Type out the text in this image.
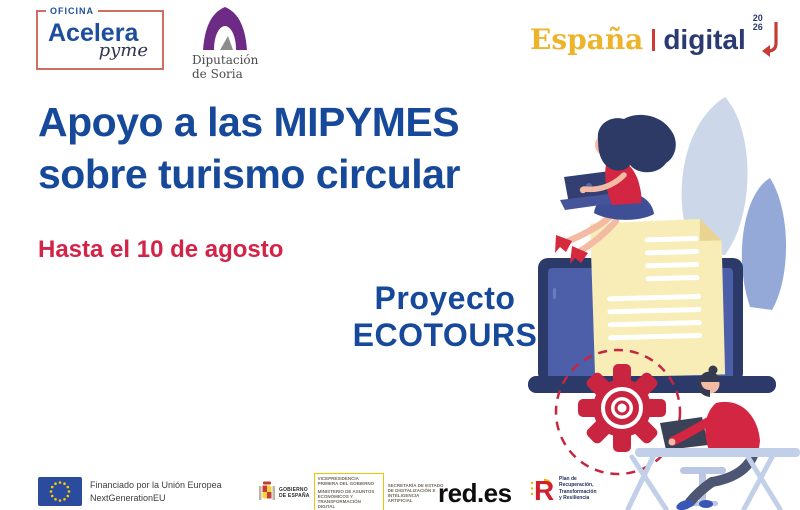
OFICINA
Acelera
pyme	Diputación
de Soria
España digital
20
26
Apoyo a las MIPYMES
sobre turismo circular
Hasta el 10 de agosto
Proyecto
ECOTOURS
Financiado por la Unión Europea
NextGenerationEU
GOBIERNO
DE ESPAÑA
VICEPRESIDENCIA PRIMERA DEL GOBIERNO
MINISTERIO DE ASUNTOS ECONÓMICOS Y TRANSFORMACIÓN DIGITAL
SECRETARÍA DE ESTADO DE DIGITALIZACIÓN E INTELIGENCIA ARTIFICIAL red.es R Plan de
Recuperación,
Transformación
y Resiliencia
